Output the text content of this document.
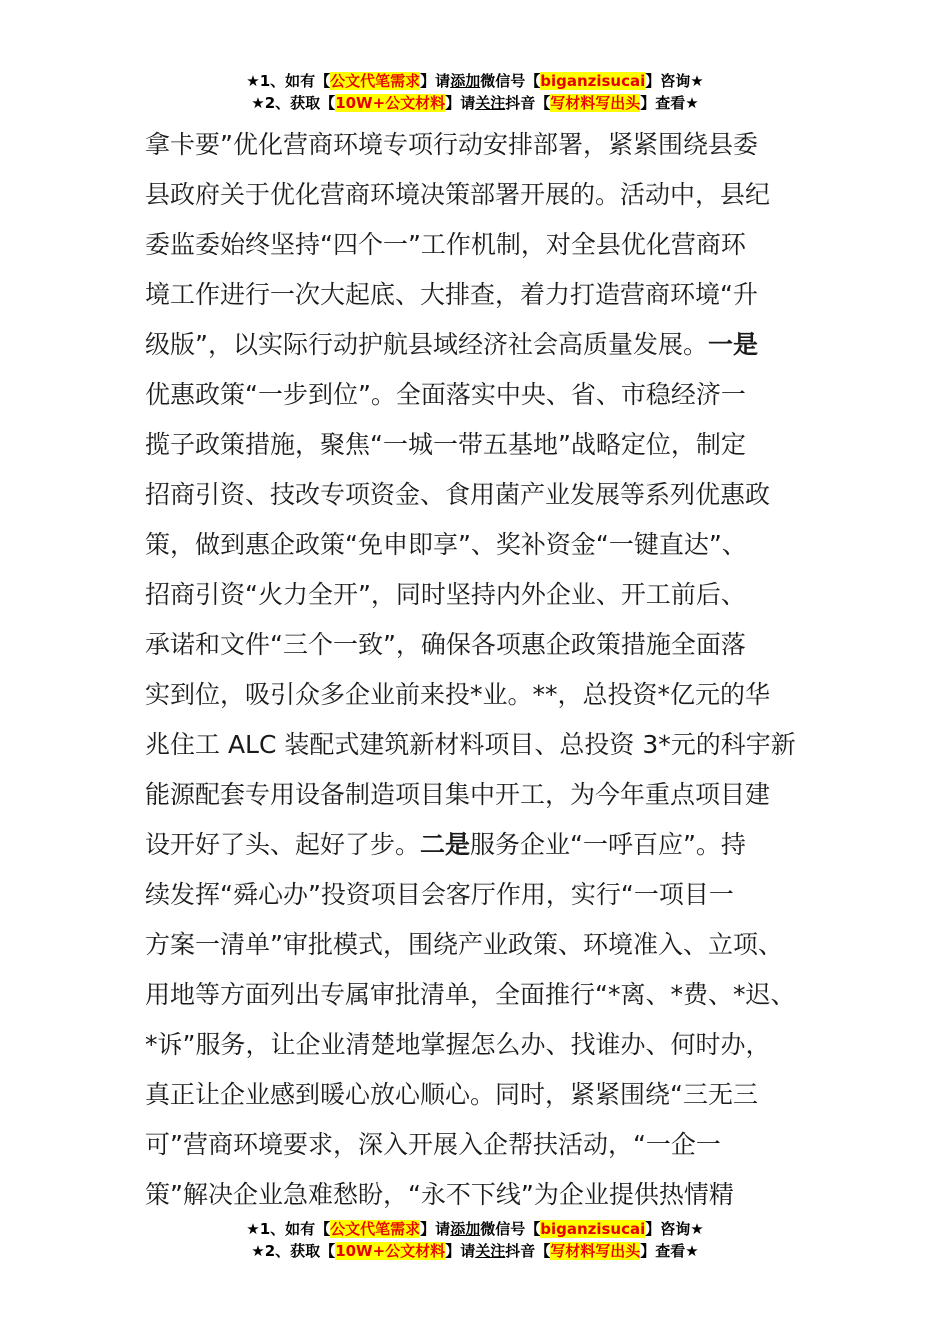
★1、如有【公文代笔需求】请添加微信号【biganzisucai】咨询★
★2、获取【10W+公文材料】请关注抖音【写材料写出头】查看★
拿卡要”优化营商环境专项行动安排部署，紧紧围绕县委
县政府关于优化营商环境决策部署开展的。活动中，县纪
委监委始终坚持“四个一”工作机制，对全县优化营商环
境工作进行一次大起底、大排查，着力打造营商环境“升
级版”，以实际行动护航县域经济社会高质量发展。一是
优惠政策“一步到位”。全面落实中央、省、市稳经济一
揽子政策措施，聚焦“一城一带五基地”战略定位，制定
招商引资、技改专项资金、食用菌产业发展等系列优惠政
策，做到惠企政策“免申即享”、奖补资金“一键直达”、
招商引资“火力全开”，同时坚持内外企业、开工前后、
承诺和文件“三个一致”，确保各项惠企政策措施全面落
实到位，吸引众多企业前来投*业。**，总投资*亿元的华
兆住工 ALC 装配式建筑新材料项目、总投资 3*元的科宇新
能源配套专用设备制造项目集中开工，为今年重点项目建
设开好了头、起好了步。二是服务企业“一呼百应”。持
续发挥“舜心办”投资项目会客厅作用，实行“一项目一
方案一清单”审批模式，围绕产业政策、环境准入、立项、
用地等方面列出专属审批清单，全面推行“*离、*费、*迟、
*诉”服务，让企业清楚地掌握怎么办、找谁办、何时办，
真正让企业感到暖心放心顺心。同时，紧紧围绕“三无三
可”营商环境要求，深入开展入企帮扶活动，“一企一
策”解决企业急难愁盼，“永不下线”为企业提供热情精
★1、如有【公文代笔需求】请添加微信号【biganzisucai】咨询★
★2、获取【10W+公文材料】请关注抖音【写材料写出头】查看★
